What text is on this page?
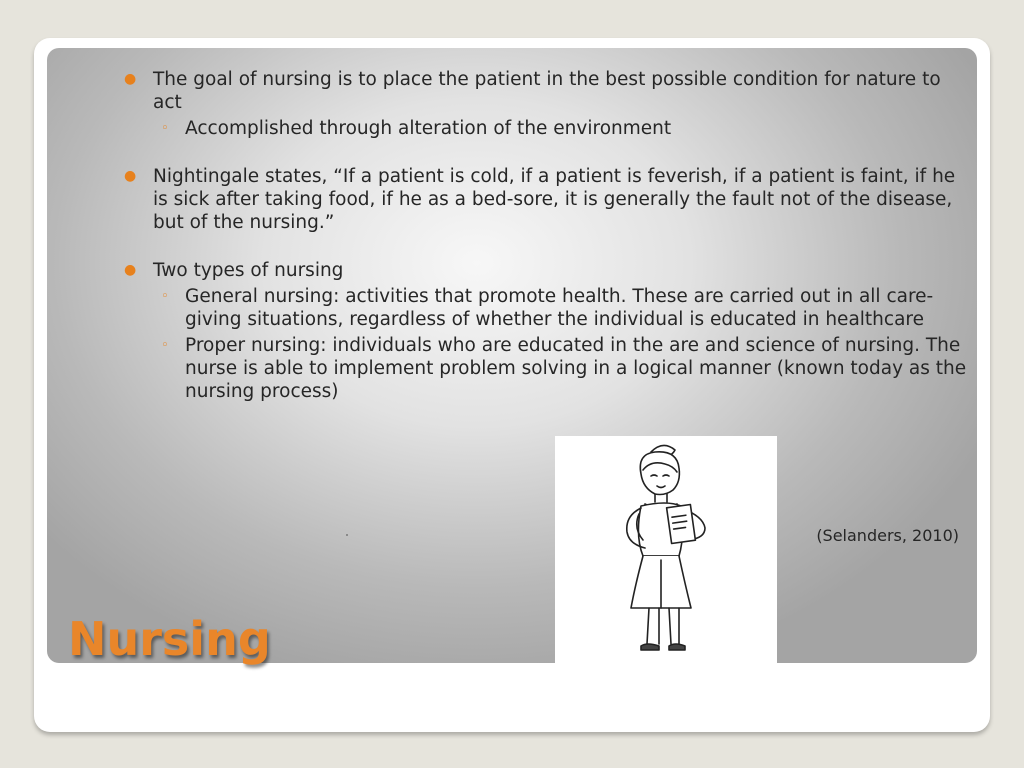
● The goal of nursing is to place the patient in the best possible condition for nature to act
◦ Accomplished through alteration of the environment
● Nightingale states, “If a patient is cold, if a patient is feverish, if a patient is faint, if he is sick after taking food, if he as a bed-sore, it is generally the fault not of the disease, but of the nursing.”
● Two types of nursing
◦ General nursing: activities that promote health. These are carried out in all care-giving situations, regardless of whether the individual is educated in healthcare
◦ Proper nursing: individuals who are educated in the are and science of nursing. The nurse is able to implement problem solving in a logical manner (known today as the nursing process)
(Selanders, 2010)
Nursing
